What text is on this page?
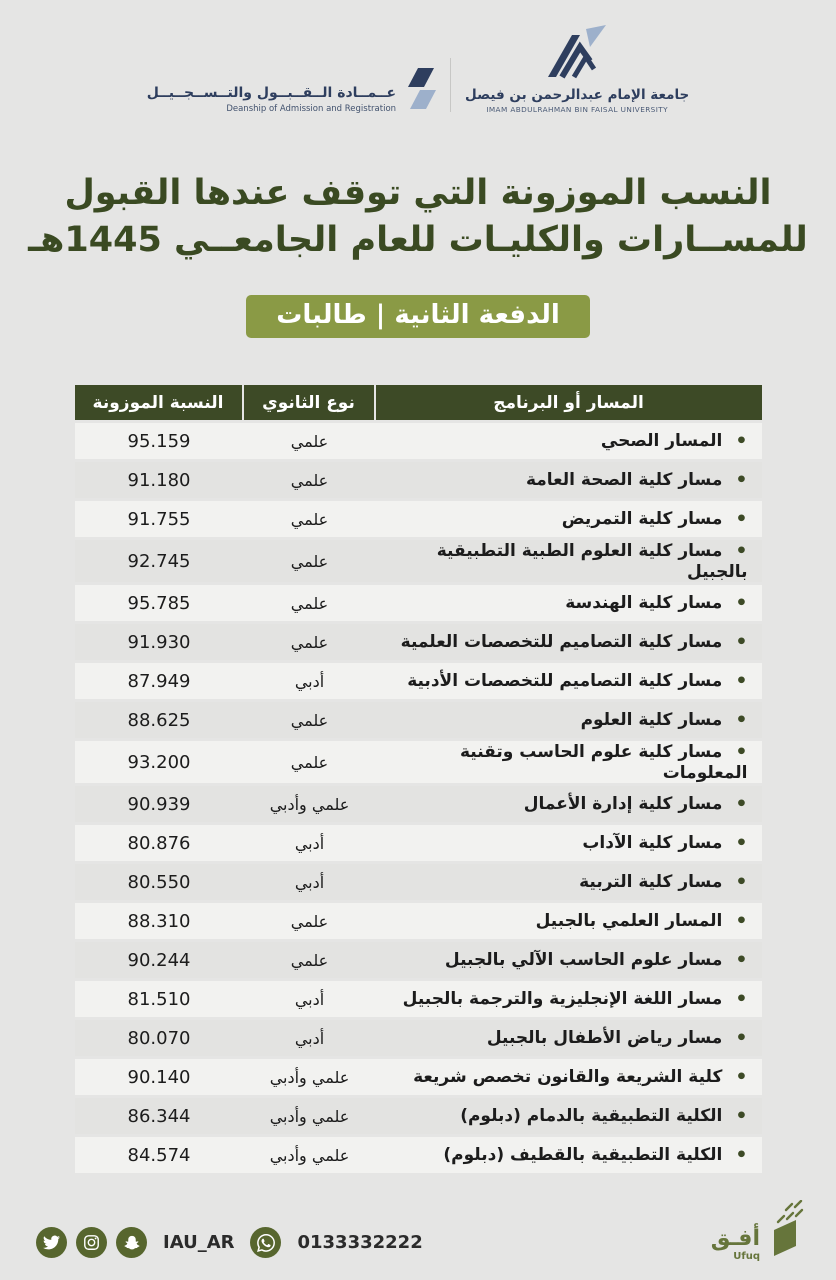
عــمــادة الــقــبــول والتــســجــيــل
Deanship of Admission and Registration
جامعة الإمام عبدالرحمن بن فيصل
IMAM ABDULRAHMAN BIN FAISAL UNIVERSITY
النسب الموزونة التي توقف عندها القبول
للمســارات والكليـات للعام الجامعــي 1445هـ
الدفعة الثانية | طالبات
المسار أو البرنامج	نوع الثانوي	النسبة الموزونة
•المسار الصحي	علمي	95.159
•مسار كلية الصحة العامة	علمي	91.180
•مسار كلية التمريض	علمي	91.755
•مسار كلية العلوم الطبية التطبيقية بالجبيل	علمي	92.745
•مسار كلية الهندسة	علمي	95.785
•مسار كلية التصاميم للتخصصات العلمية	علمي	91.930
•مسار كلية التصاميم للتخصصات الأدبية	أدبي	87.949
•مسار كلية العلوم	علمي	88.625
•مسار كلية علوم الحاسب وتقنية المعلومات	علمي	93.200
•مسار كلية إدارة الأعمال	علمي وأدبي	90.939
•مسار كلية الآداب	أدبي	80.876
•مسار كلية التربية	أدبي	80.550
•المسار العلمي بالجبيل	علمي	88.310
•مسار علوم الحاسب الآلي بالجبيل	علمي	90.244
•مسار اللغة الإنجليزية والترجمة بالجبيل	أدبي	81.510
•مسار رياض الأطفال بالجبيل	أدبي	80.070
•كلية الشريعة والقانون تخصص شريعة	علمي وأدبي	90.140
•الكلية التطبيقية بالدمام (دبلوم)	علمي وأدبي	86.344
•الكلية التطبيقية بالقطيف (دبلوم)	علمي وأدبي	84.574
IAU_AR	0133332222	أفـق
Ufuq
